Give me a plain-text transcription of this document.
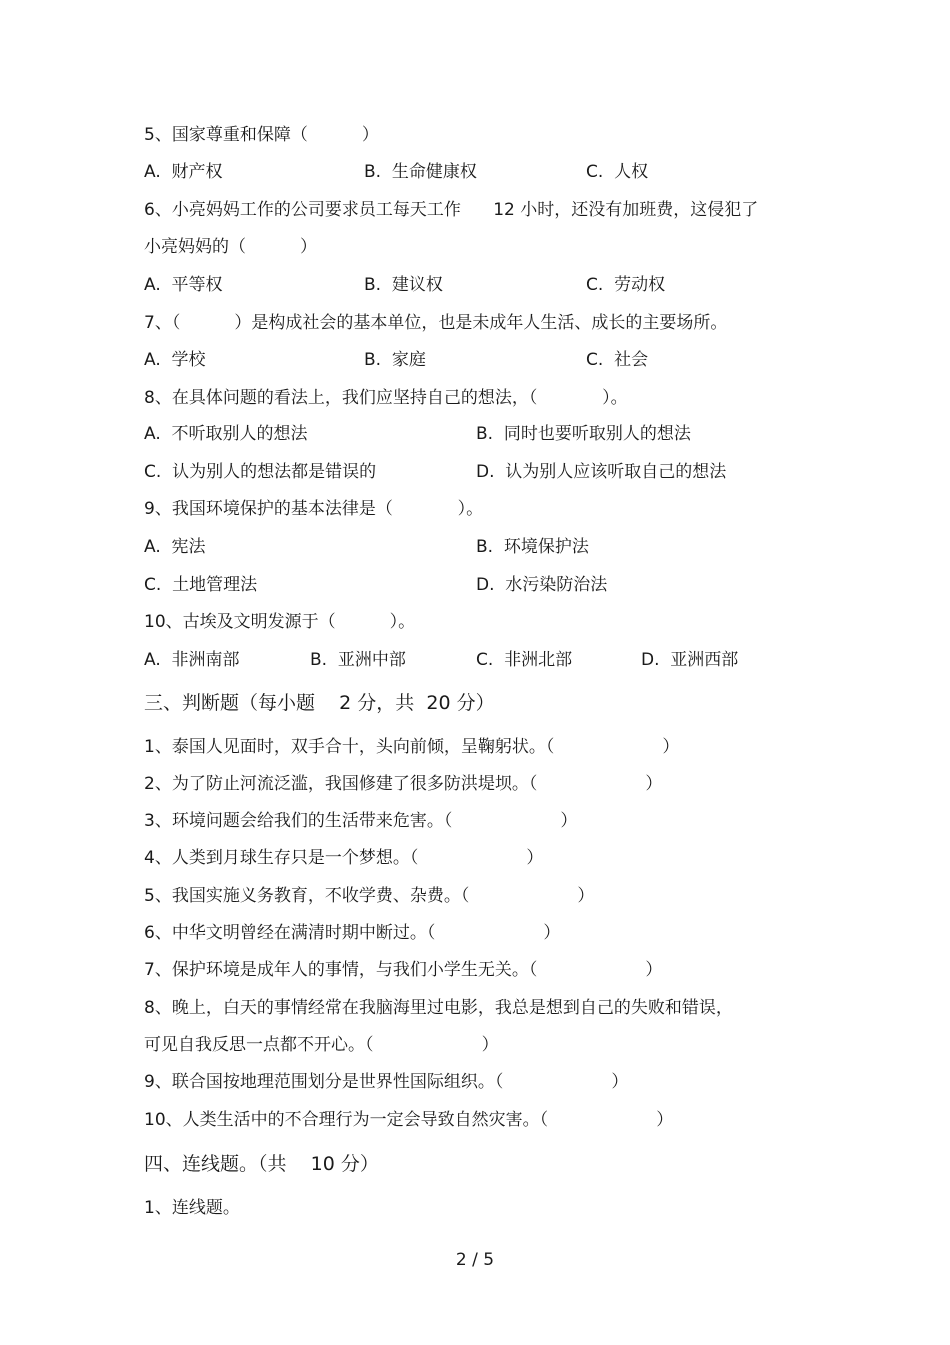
5、国家尊重和保障（          ）
A.  财产权	B.  生命健康权	C.  人权
6、小亮妈妈工作的公司要求员工每天工作      12 小时，还没有加班费，这侵犯了
小亮妈妈的（          ）
A.  平等权	B.  建议权	C.  劳动权
7、（          ）是构成社会的基本单位，也是未成年人生活、成长的主要场所。
A.  学校	B.  家庭	C.  社会
8、在具体问题的看法上，我们应坚持自己的想法，（            ）。
A.  不听取别人的想法	B.  同时也要听取别人的想法
C.  认为别人的想法都是错误的	D.  认为别人应该听取自己的想法
9、我国环境保护的基本法律是（            ）。
A.  宪法	B.  环境保护法
C.  土地管理法	D.  水污染防治法
10、古埃及文明发源于（          ）。
A.  非洲南部	B.  亚洲中部	C.  非洲北部	D.  亚洲西部
三、判断题（每小题    2 分，共  20 分）
1、泰国人见面时，双手合十，头向前倾，呈鞠躬状。（                    ）
2、为了防止河流泛滥，我国修建了很多防洪堤坝。（                    ）
3、环境问题会给我们的生活带来危害。（                    ）
4、人类到月球生存只是一个梦想。（                    ）
5、我国实施义务教育，不收学费、杂费。（                    ）
6、中华文明曾经在满清时期中断过。（                    ）
7、保护环境是成年人的事情，与我们小学生无关。（                    ）
8、晚上，白天的事情经常在我脑海里过电影，我总是想到自己的失败和错误，
可见自我反思一点都不开心。（                    ）
9、联合国按地理范围划分是世界性国际组织。（                    ）
10、人类生活中的不合理行为一定会导致自然灾害。（                    ）
四、连线题。（共    10 分）
1、连线题。
2 / 5
